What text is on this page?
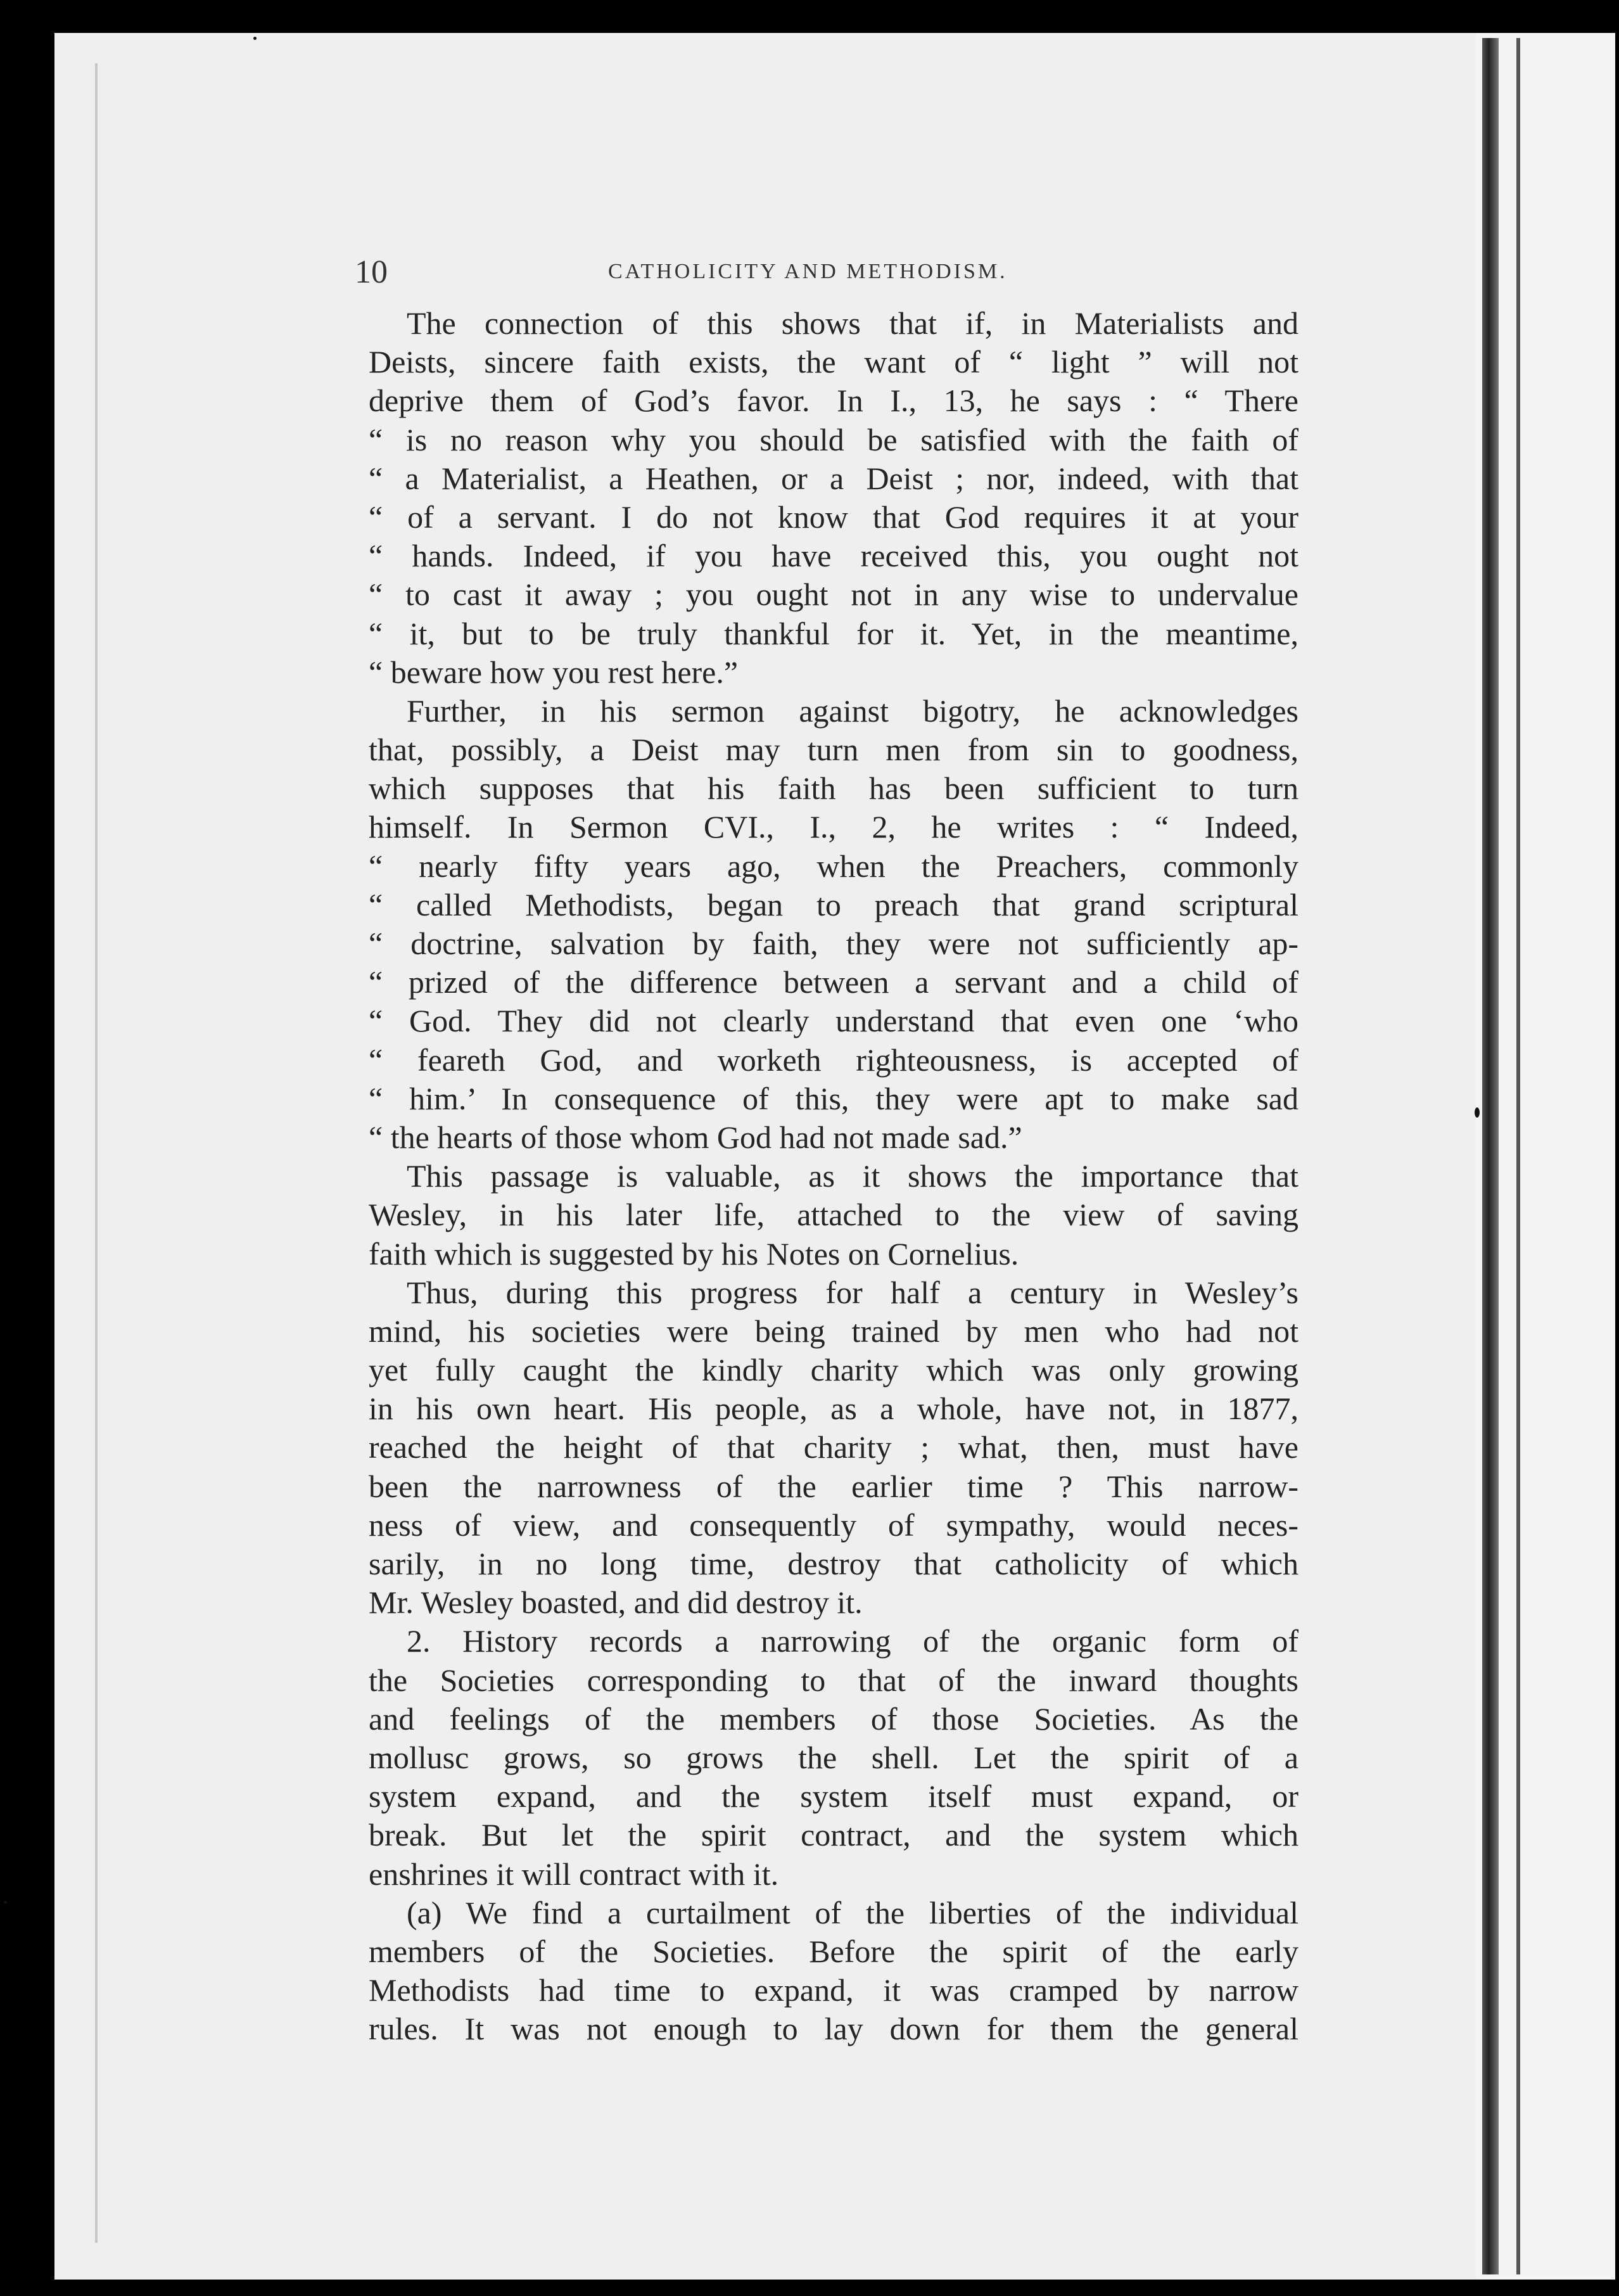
10	CATHOLICITY AND METHODISM.
The connection of this shows that if, in Materialists and
Deists, sincere faith exists, the want of “ light ” will not
deprive them of God’s favor. In I., 13, he says : “ There
“ is no reason why you should be satisfied with the faith of
“ a Materialist, a Heathen, or a Deist ; nor, indeed, with that
“ of a servant. I do not know that God requires it at your
“ hands. Indeed, if you have received this, you ought not
“ to cast it away ; you ought not in any wise to undervalue
“ it, but to be truly thankful for it. Yet, in the meantime,
“ beware how you rest here.”
Further, in his sermon against bigotry, he acknowledges
that, possibly, a Deist may turn men from sin to goodness,
which supposes that his faith has been sufficient to turn
himself. In Sermon CVI., I., 2, he writes : “ Indeed,
“ nearly fifty years ago, when the Preachers, commonly
“ called Methodists, began to preach that grand scriptural
“ doctrine, salvation by faith, they were not sufficiently ap-
“ prized of the difference between a servant and a child of
“ God. They did not clearly understand that even one ‘who
“ feareth God, and worketh righteousness, is accepted of
“ him.’ In consequence of this, they were apt to make sad
“ the hearts of those whom God had not made sad.”
This passage is valuable, as it shows the importance that
Wesley, in his later life, attached to the view of saving
faith which is suggested by his Notes on Cornelius.
Thus, during this progress for half a century in Wesley’s
mind, his societies were being trained by men who had not
yet fully caught the kindly charity which was only growing
in his own heart. His people, as a whole, have not, in 1877,
reached the height of that charity ; what, then, must have
been the narrowness of the earlier time ? This narrow-
ness of view, and consequently of sympathy, would neces-
sarily, in no long time, destroy that catholicity of which
Mr. Wesley boasted, and did destroy it.
2. History records a narrowing of the organic form of
the Societies corresponding to that of the inward thoughts
and feelings of the members of those Societies. As the
mollusc grows, so grows the shell. Let the spirit of a
system expand, and the system itself must expand, or
break. But let the spirit contract, and the system which
enshrines it will contract with it.
(a) We find a curtailment of the liberties of the individual
members of the Societies. Before the spirit of the early
Methodists had time to expand, it was cramped by narrow
rules. It was not enough to lay down for them the general
